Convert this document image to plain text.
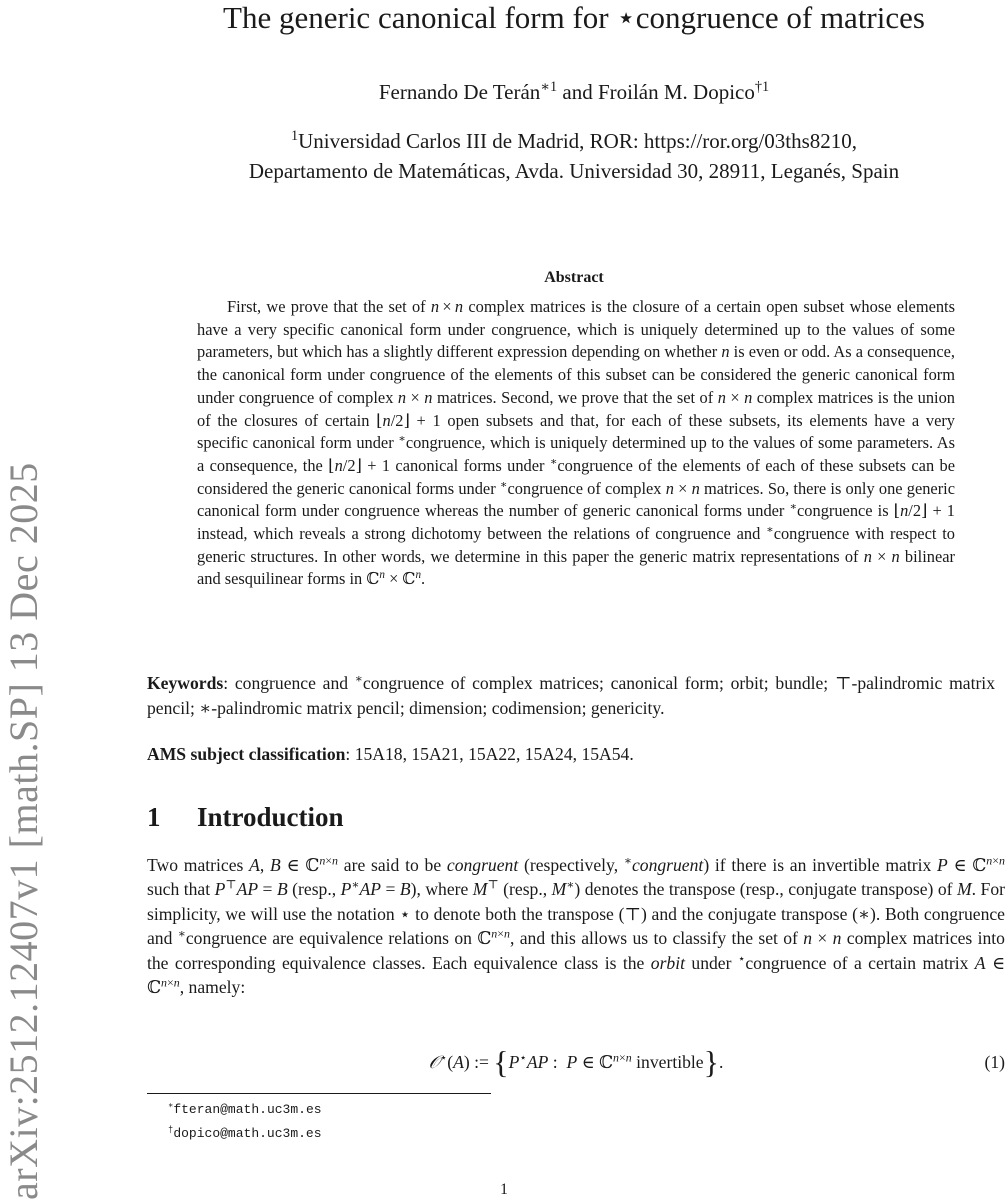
arXiv:2512.12407v1 [math.SP] 13 Dec 2025
The generic canonical form for ⋆congruence of matrices
Fernando De Terán$^{∗1}$ and Froilán M. Dopico$^{\dagger 1}$
$^1$Universidad Carlos III de Madrid, ROR: https://ror.org/03ths8210,
Departamento de Matemáticas, Avda. Universidad 30, 28911, Leganés, Spain
Abstract
First, we prove that the set of n × n complex matrices is the closure of a certain open subset whose elements have a very specific canonical form under congruence, which is uniquely determined up to the values of some parameters, but which has a slightly different expression depending on whether n is even or odd. As a consequence, the canonical form under congruence of the elements of this subset can be considered the generic canonical form under congruence of complex n × n matrices. Second, we prove that the set of n × n complex matrices is the union of the closures of certain ⌊n/2⌋ + 1 open subsets and that, for each of these subsets, its elements have a very specific canonical form under ∗congruence, which is uniquely determined up to the values of some parameters. As a consequence, the ⌊n/2⌋ + 1 canonical forms under ∗congruence of the elements of each of these subsets can be considered the generic canonical forms under ∗congruence of complex n × n matrices. So, there is only one generic canonical form under congruence whereas the number of generic canonical forms under ∗congruence is ⌊n/2⌋ + 1 instead, which reveals a strong dichotomy between the relations of congruence and ∗congruence with respect to generic structures. In other words, we determine in this paper the generic matrix representations of n × n bilinear and sesquilinear forms in ℂ$^n$ × ℂ$^n$.
Keywords: congruence and ∗congruence of complex matrices; canonical form; orbit; bundle; ⊤-palindromic matrix pencil; ∗-palindromic matrix pencil; dimension; codimension; genericity.
AMS subject classification: 15A18, 15A21, 15A22, 15A24, 15A54.
1 Introduction
Two matrices A, B ∈ ℂ$^{n\times n}$ are said to be congruent (respectively, ∗congruent) if there is an invertible matrix P ∈ ℂ$^{n\times n}$ such that P⊤AP = B (resp., P∗AP = B), where M⊤ (resp., M∗) denotes the transpose (resp., conjugate transpose) of M. For simplicity, we will use the notation ⋆ to denote both the transpose (⊤) and the conjugate transpose (∗). Both congruence and ∗congruence are equivalence relations on ℂ$^{n\times n}$, and this allows us to classify the set of n × n complex matrices into the corresponding equivalence classes. Each equivalence class is the orbit under ⋆congruence of a certain matrix A ∈ ℂ$^{n\times n}$, namely:
𝒪⋆(A) := {P⋆AP :  P ∈ ℂ$^{n\times n}$ invertible}.	(1)
∗fteran@math.uc3m.es
†dopico@math.uc3m.es
1
